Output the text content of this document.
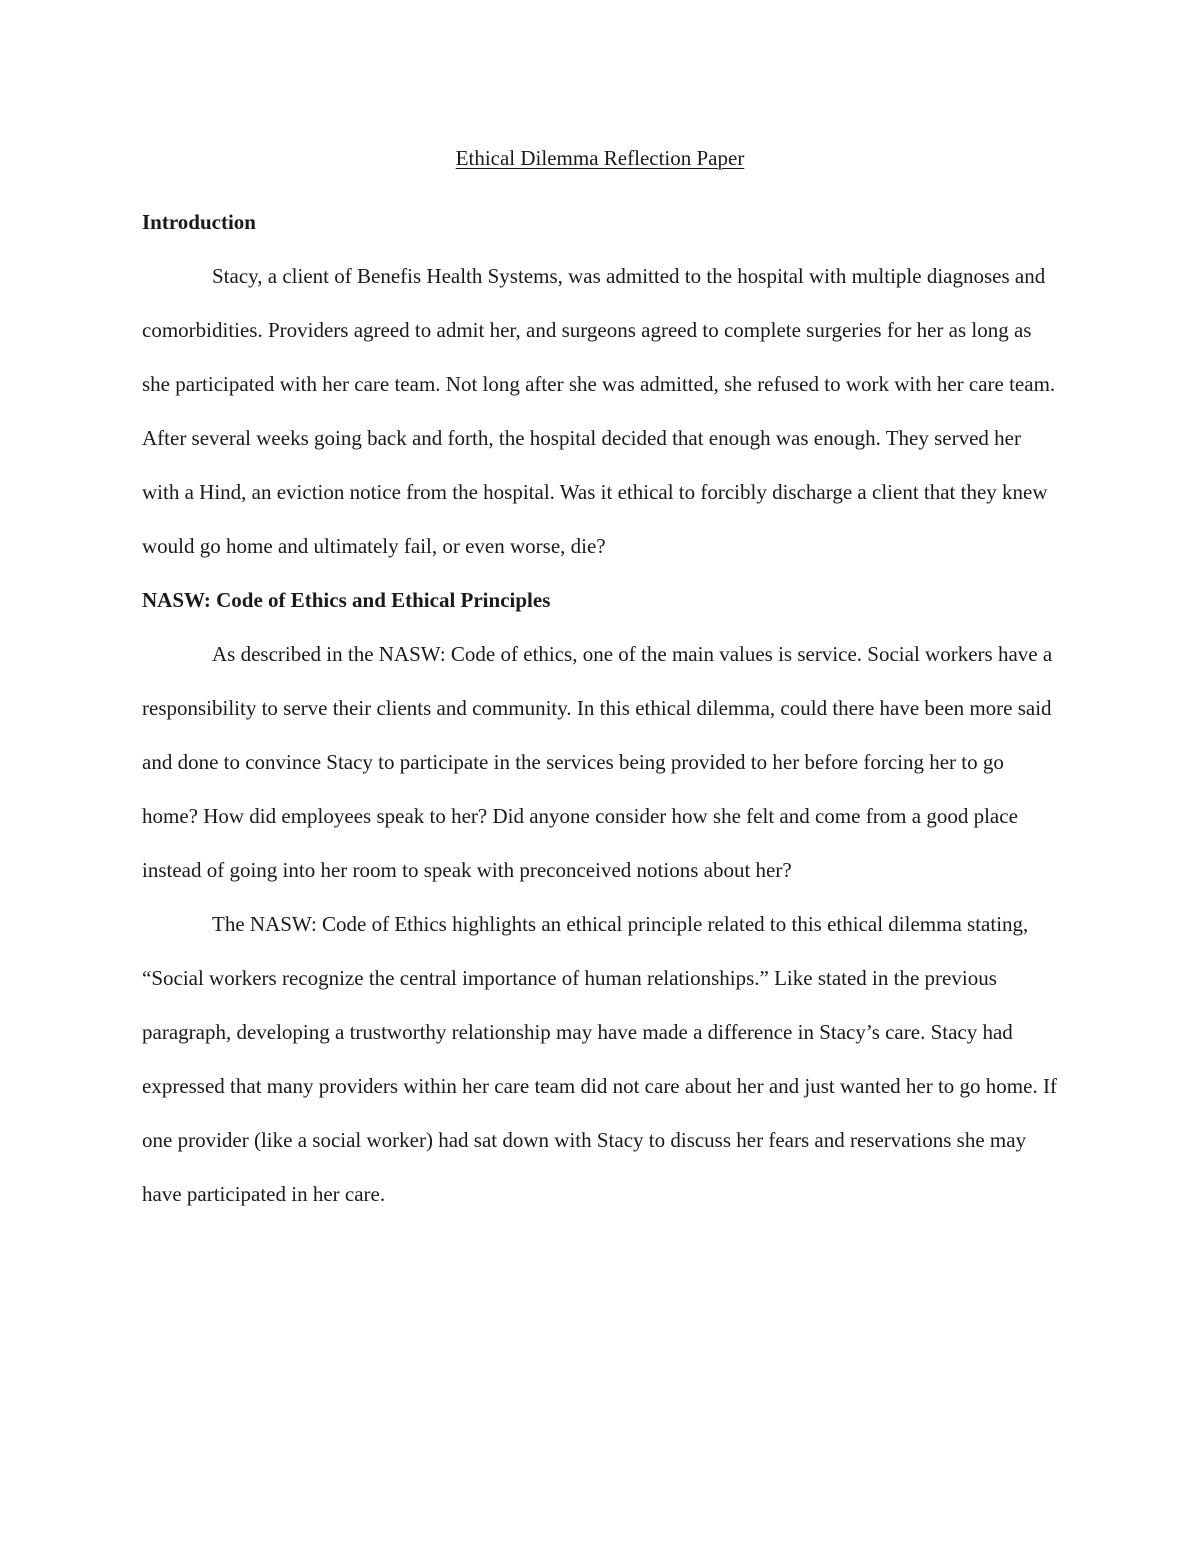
Ethical Dilemma Reflection Paper

Introduction

Stacy, a client of Benefis Health Systems, was admitted to the hospital with multiple diagnoses and comorbidities. Providers agreed to admit her, and surgeons agreed to complete surgeries for her as long as she participated with her care team. Not long after she was admitted, she refused to work with her care team. After several weeks going back and forth, the hospital decided that enough was enough. They served her with a Hind, an eviction notice from the hospital. Was it ethical to forcibly discharge a client that they knew would go home and ultimately fail, or even worse, die?

NASW: Code of Ethics and Ethical Principles

As described in the NASW: Code of ethics, one of the main values is service. Social workers have a responsibility to serve their clients and community. In this ethical dilemma, could there have been more said and done to convince Stacy to participate in the services being provided to her before forcing her to go home? How did employees speak to her? Did anyone consider how she felt and come from a good place instead of going into her room to speak with preconceived notions about her?

The NASW: Code of Ethics highlights an ethical principle related to this ethical dilemma stating, “Social workers recognize the central importance of human relationships.” Like stated in the previous paragraph, developing a trustworthy relationship may have made a difference in Stacy’s care. Stacy had expressed that many providers within her care team did not care about her and just wanted her to go home. If one provider (like a social worker) had sat down with Stacy to discuss her fears and reservations she may have participated in her care.
